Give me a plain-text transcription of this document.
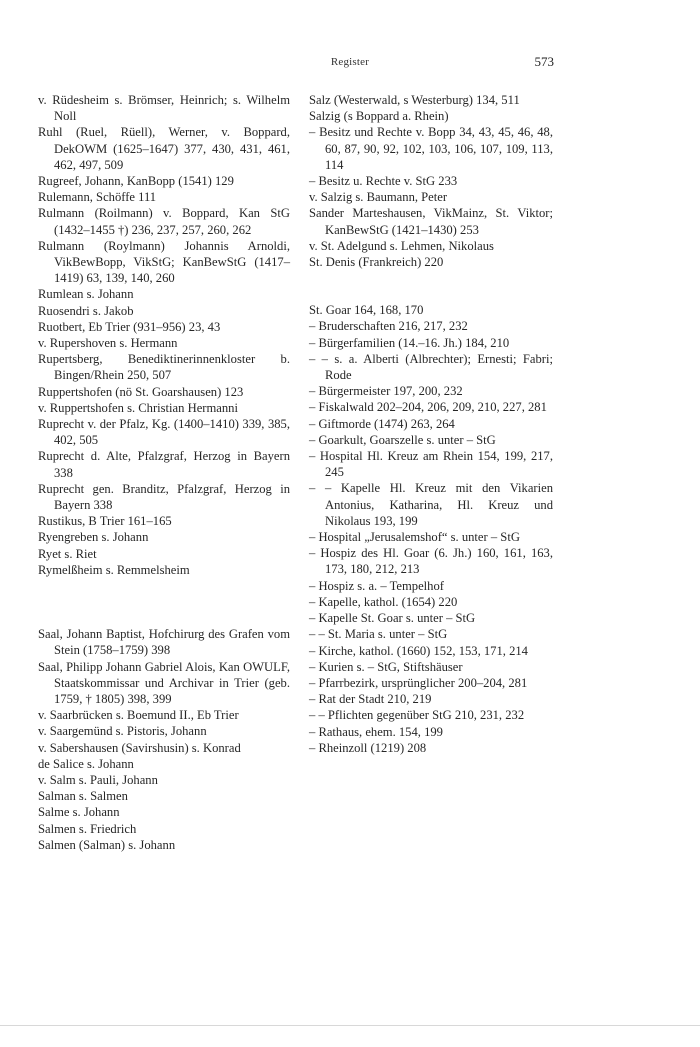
Register	573
v. Rüdesheim s. Brömser, Heinrich; s. Wilhelm Noll
Ruhl (Ruel, Rüell), Werner, v. Boppard, DekOWM (1625–1647) 377, 430, 431, 461, 462, 497, 509
Rugreef, Johann, KanBopp (1541) 129
Rulemann, Schöffe 111
Rulmann (Roilmann) v. Boppard, Kan StG (1432–1455 †) 236, 237, 257, 260, 262
Rulmann (Roylmann) Johannis Arnoldi, VikBewBopp, VikStG; KanBewStG (1417–1419) 63, 139, 140, 260
Rumlean s. Johann
Ruosendri s. Jakob
Ruotbert, Eb Trier (931–956) 23, 43
v. Rupershoven s. Hermann
Rupertsberg, Benediktinerinnenkloster b. Bingen/Rhein 250, 507
Ruppertshofen (nö St. Goarshausen) 123
v. Ruppertshofen s. Christian Hermanni
Ruprecht v. der Pfalz, Kg. (1400–1410) 339, 385, 402, 505
Ruprecht d. Alte, Pfalzgraf, Herzog in Bayern 338
Ruprecht gen. Branditz, Pfalzgraf, Herzog in Bayern 338
Rustikus, B Trier 161–165
Ryengreben s. Johann
Ryet s. Riet
Rymelßheim s. Remmelsheim
Saal, Johann Baptist, Hofchirurg des Grafen vom Stein (1758–1759) 398
Saal, Philipp Johann Gabriel Alois, Kan OWULF, Staatskommissar und Archivar in Trier (geb. 1759, † 1805) 398, 399
v. Saarbrücken s. Boemund II., Eb Trier
v. Saargemünd s. Pistoris, Johann
v. Sabershausen (Savirshusin) s. Konrad
de Salice s. Johann
v. Salm s. Pauli, Johann
Salman s. Salmen
Salme s. Johann
Salmen s. Friedrich
Salmen (Salman) s. Johann
Salz (Westerwald, s Westerburg) 134, 511
Salzig (s Boppard a. Rhein)
– Besitz und Rechte v. Bopp 34, 43, 45, 46, 48, 60, 87, 90, 92, 102, 103, 106, 107, 109, 113, 114
– Besitz u. Rechte v. StG 233
v. Salzig s. Baumann, Peter
Sander Marteshausen, VikMainz, St. Viktor; KanBewStG (1421–1430) 253
v. St. Adelgund s. Lehmen, Nikolaus
St. Denis (Frankreich) 220
St. Goar 164, 168, 170
– Bruderschaften 216, 217, 232
– Bürgerfamilien (14.–16. Jh.) 184, 210
– – s. a. Alberti (Albrechter); Ernesti; Fabri; Rode
– Bürgermeister 197, 200, 232
– Fiskalwald 202–204, 206, 209, 210, 227, 281
– Giftmorde (1474) 263, 264
– Goarkult, Goarszelle s. unter – StG
– Hospital Hl. Kreuz am Rhein 154, 199, 217, 245
– – Kapelle Hl. Kreuz mit den Vikarien Antonius, Katharina, Hl. Kreuz und Nikolaus 193, 199
– Hospital „Jerusalemshof“ s. unter – StG
– Hospiz des Hl. Goar (6. Jh.) 160, 161, 163, 173, 180, 212, 213
– Hospiz s. a. – Tempelhof
– Kapelle, kathol. (1654) 220
– Kapelle St. Goar s. unter – StG
– – St. Maria s. unter – StG
– Kirche, kathol. (1660) 152, 153, 171, 214
– Kurien s. – StG, Stiftshäuser
– Pfarrbezirk, ursprünglicher 200–204, 281
– Rat der Stadt 210, 219
– – Pflichten gegenüber StG 210, 231, 232
– Rathaus, ehem. 154, 199
– Rheinzoll (1219) 208
